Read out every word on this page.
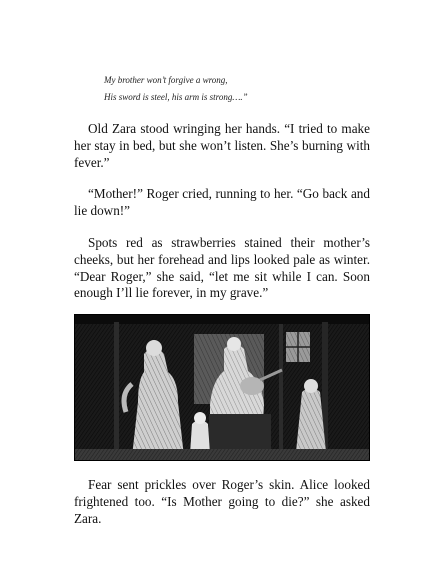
My brother won’t forgive a wrong,
His sword is steel, his arm is strong….”

Old Zara stood wringing her hands. “I tried to make her stay in bed, but she won’t listen. She’s burning with fever.”

“Mother!” Roger cried, running to her. “Go back and lie down!”

Spots red as strawberries stained their mother’s cheeks, but her forehead and lips looked pale as winter. “Dear Roger,” she said, “let me sit while I can. Soon enough I’ll lie forever, in my grave.”

Fear sent prickles over Roger’s skin. Alice looked frightened too. “Is Mother going to die?” she asked Zara.
